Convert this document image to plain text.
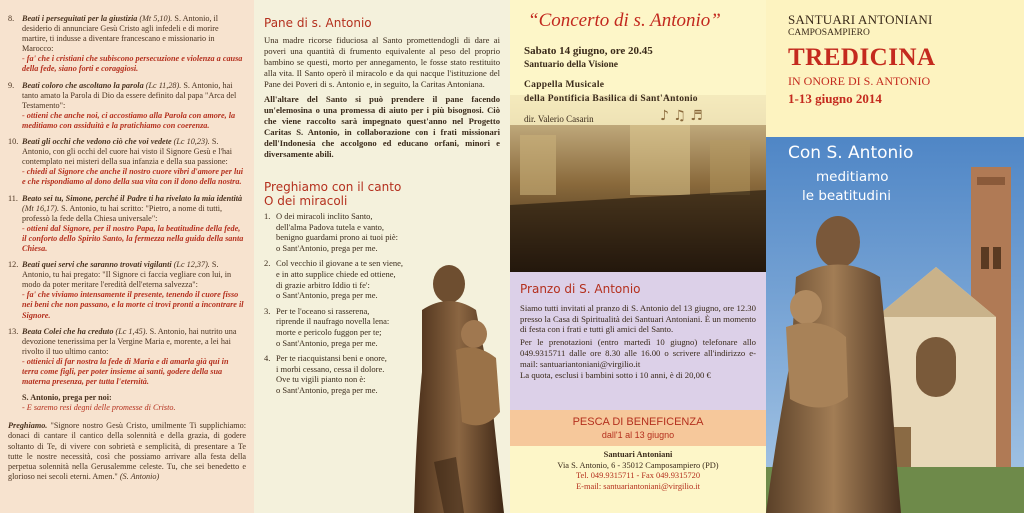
8. Beati i perseguitati per la giustizia (Mt 5,10). S. Antonio, il desiderio di annunciare Gesù Cristo agli infedeli e di morire martire, ti indusse a diventare francescano e missionario in Marocco:
- fa' che i cristiani che subiscono persecuzione e violenza a causa della fede, siano forti e coraggiosi.
9. Beati coloro che ascoltano la parola (Lc 11,28). S. Antonio, hai tanto amato la Parola di Dio da essere definito dal papa "Arca del Testamento":
- ottieni che anche noi, ci accostiamo alla Parola con amore, la meditiamo con assiduità e la pratichiamo con coerenza.
10. Beati gli occhi che vedono ciò che voi vedete (Lc 10,23). S. Antonio, con gli occhi del cuore hai visto il Signore Gesù e l'hai contemplato nei misteri della sua infanzia e della sua passione:
- chiedi al Signore che anche il nostro cuore vibri d'amore per lui e che rispondiamo al dono della sua vita con il dono della nostra.
11. Beato sei tu, Simone, perché il Padre ti ha rivelato la mia identità (Mt 16,17). S. Antonio, tu hai scritto: "Pietro, a nome di tutti, professò la fede della Chiesa universale":
- ottieni dal Signore, per il nostro Papa, la beatitudine della fede, il conforto dello Spirito Santo, la fermezza nella guida della santa Chiesa.
12. Beati quei servi che saranno trovati vigilanti (Lc 12,37). S. Antonio, tu hai pregato: "Il Signore ci faccia vegliare con lui, in modo da poter meritare l'eredità dell'eterna salvezza":
- fa' che viviamo intensamente il presente, tenendo il cuore fisso nei beni che non passano, e la morte ci trovi pronti a incontrare il Signore.
13. Beata Colei che ha creduto (Lc 1,45). S. Antonio, hai nutrito una devozione tenerissima per la Vergine Maria e, morente, a lei hai rivolto il tuo ultimo canto:
- ottienici di far nostra la fede di Maria e di amarla già qui in terra come figli, per poter insieme ai santi, godere della sua materna presenza, per tutta l'eternità.
S. Antonio, prega per noi:
- E saremo resi degni delle promesse di Cristo.
Preghiamo. "Signore nostro Gesù Cristo, umilmente Ti supplichiamo: donaci di cantare il cantico della solennità e della grazia, di godere soltanto di Te, di vivere con sobrietà e semplicità, di presentare a Te tutte le nostre necessità, così che possiamo arrivare alla festa della perpetua solennità nella Gerusalemme celeste. Tu, che sei benedetto e glorioso nei secoli eterni. Amen." (S. Antonio)
Pane di s. Antonio

Una madre ricorse fiduciosa al Santo promettendogli di dare ai poveri una quantità di frumento equivalente al peso del proprio bambino se questi, morto per annegamento, le fosse stato restituito alla vita. Il Santo operò il miracolo e da qui nacque l'istituzione del Pane dei Poveri di s. Antonio e, in seguito, la Caritas Antoniana.

All'altare del Santo si può prendere il pane facendo un'elemosina o una promessa di aiuto per i più bisognosi. Ciò che viene raccolto sarà impegnato quest'anno nel Progetto Caritas S. Antonio, in collaborazione con i frati missionari dell'Indonesia che accolgono ed educano orfani, minori e diversamente abili.

Preghiamo con il canto
O dei miracoli
1. O dei miracoli inclito Santo,
dell'alma Padova tutela e vanto,
benigno guardami prono ai tuoi piè:
o Sant'Antonio, prega per me.
2. Col vecchio il giovane a te sen viene,
e in atto supplice chiede ed ottiene,
di grazie arbitro Iddio ti fe':
o Sant'Antonio, prega per me.
3. Per te l'oceano si rasserena,
riprende il naufrago novella lena:
morte e pericolo fuggon per te;
o Sant'Antonio, prega per me.
4. Per te riacquistansi beni e onore,
i morbi cessano, cessa il dolore.
Ove tu vigili pianto non è:
o Sant'Antonio, prega per me.
♪ ♫ ♬
“Concerto di s. Antonio”
Sabato 14 giugno, ore 20.45
Santuario della Visione
Cappella Musicale
della Pontificia Basilica di Sant'Antonio
dir. Valerio Casarin
Pranzo di S. Antonio

Siamo tutti invitati al pranzo di S. Antonio del 13 giugno, ore 12.30 presso la Casa di Spiritualità dei Santuari Antoniani. È un momento di festa con i frati e tutti gli amici del Santo.

Per le prenotazioni (entro martedì 10 giugno) telefonare allo 049.9315711 dalle ore 8.30 alle 16.00 o scrivere all'indirizzo e-mail: santuariantoniani@virgilio.it

La quota, esclusi i bambini sotto i 10 anni, è di 20,00 €

PESCA DI BENEFICENZA
dall'1 al 13 giugno
Santuari Antoniani
Via S. Antonio, 6 - 35012 Camposampiero (PD)
Tel. 049.9315711 - Fax 049.9315720
E-mail: santuariantoniani@virgilio.it
SANTUARI ANTONIANI
CAMPOSAMPIERO
TREDICINA
IN ONORE DI S. ANTONIO
1-13 giugno 2014
Con S. Antonio
meditiamo
le beatitudini
